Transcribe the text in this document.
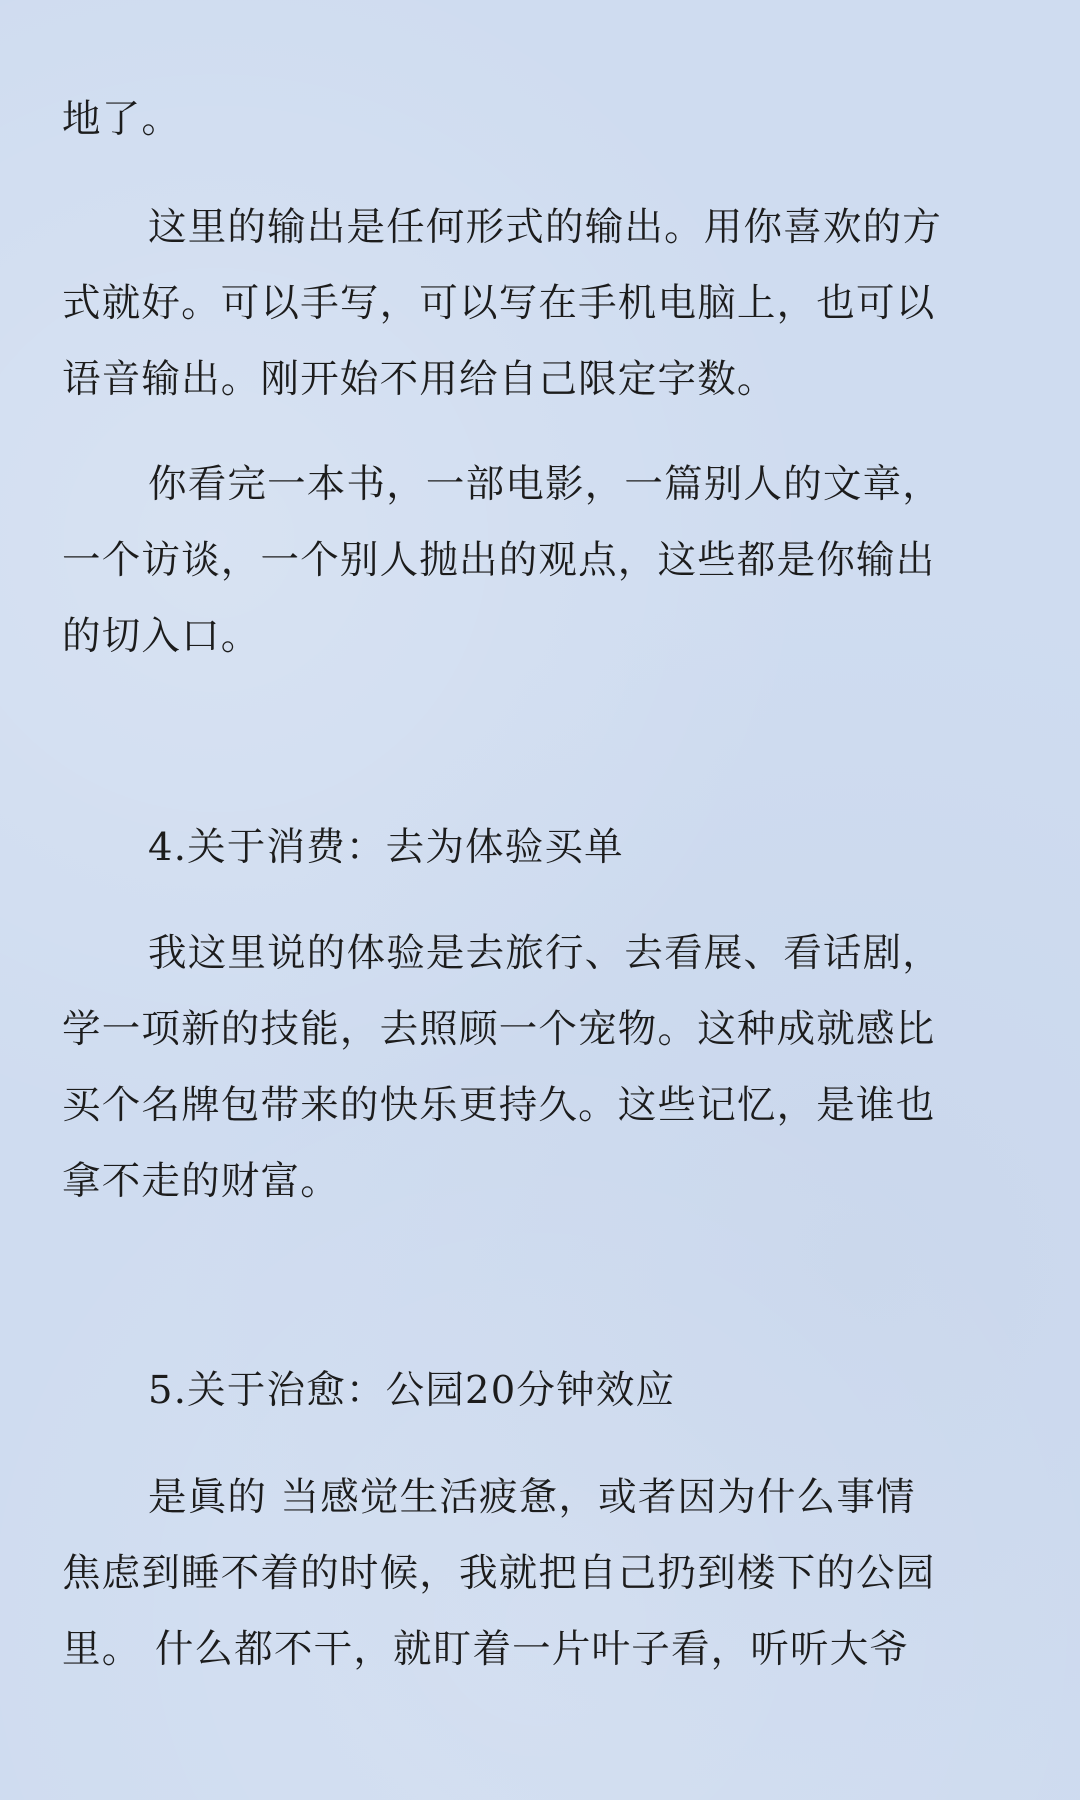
地了。

这里的输出是任何形式的输出。用你喜欢的方

式就好。可以手写，可以写在手机电脑上，也可以

语音输出。刚开始不用给自己限定字数。

你看完一本书，一部电影，一篇别人的文章，

一个访谈，一个别人抛出的观点，这些都是你输出

的切入口。

4.关于消费：去为体验买单

我这里说的体验是去旅行、去看展、看话剧，

学一项新的技能，去照顾一个宠物。这种成就感比

买个名牌包带来的快乐更持久。这些记忆，是谁也

拿不走的财富。

5.关于治愈：公园20分钟效应

是眞的 当感觉生活疲惫，或者因为什么事情

焦虑到睡不着的时候，我就把自己扔到楼下的公园

里。 什么都不干，就盯着一片叶子看，听听大爷
